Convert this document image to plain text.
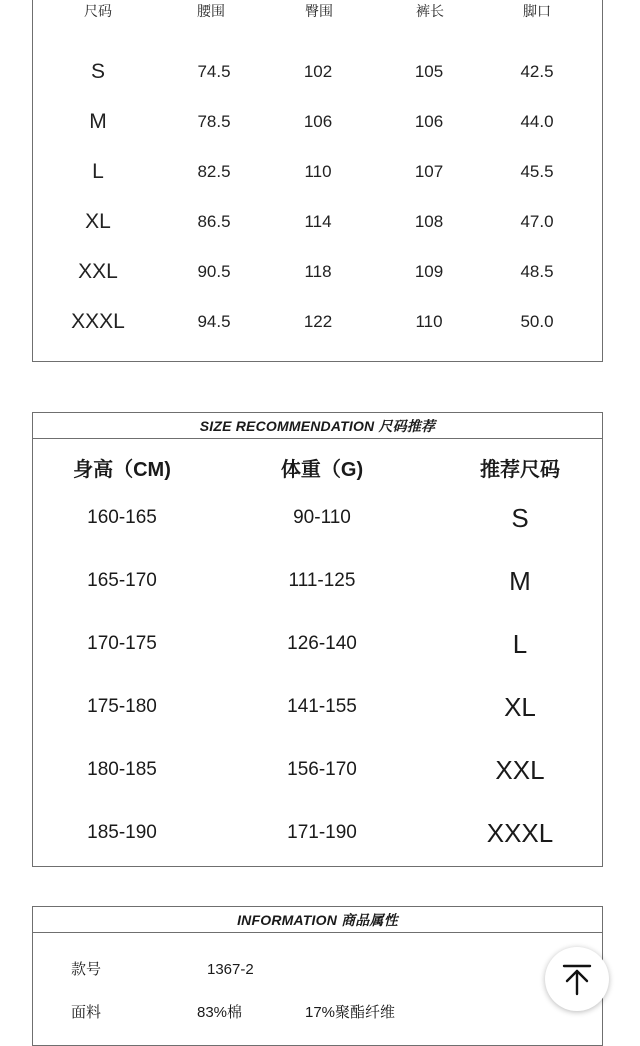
尺码	腰围	臀围	裤长	脚口
S	74.5	102	105	42.5
M	78.5	106	106	44.0
L	82.5	110	107	45.5
XL	86.5	114	108	47.0
XXL	90.5	118	109	48.5
XXXL	94.5	122	110	50.0
SIZE RECOMMENDATION 尺码推荐
身高（CM)	体重（G)	推荐尺码
160-165	90-110	S
165-170	111-125	M
170-175	126-140	L
175-180	141-155	XL
180-185	156-170	XXL
185-190	171-190	XXXL
INFORMATION 商品属性
款号	1367-2
面料	83%棉	17%聚酯纤维
